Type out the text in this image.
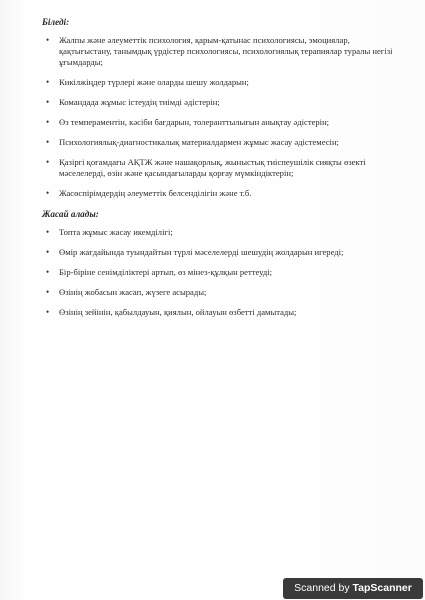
Біледі:
• Жалпы және әлеуметтік психология, қарым-қатынас психологиясы, эмоциялар, қақтығыстану, танымдық үрдістер психологиясы, психологиялық терапиялар туралы негізі ұғымдарды;
• Кикілжіңдер түрлері және оларды шешу жолдарын;
• Командада жұмыс істеудің тиімді әдістерін;
• Өз темпераментін, кәсіби бағдарын, толеранттылығын анықтау әдістерін;
• Психологиялық-диагностикалық материалдармен жұмыс жасау әдістемесін;
• Қазіргі қоғамдағы АҚТЖ және нашақорлық, жыныстық тиіспеушілік сияқты өзекті мәселелерді, өзін және қасындағыларды қорғау мүмкіндіктерін;
• Жасөспірімдердің әлеуметтік белсенділігін және т.б.
Жасай алады:
• Топта жұмыс жасау икемділігі;
• Өмір жағдайында туындайтын түрлі мәселелерді шешудің жолдарын игереді;
• Бір-біріне сенімділіктері артып, өз мінез-құлқын реттеуді;
• Өзінің жобасын жасап, жүзеге асырады;
• Өзінің зейінін, қабылдауын, қиялын, ойлауын өзбетті дамытады;
Scanned by TapScanner
